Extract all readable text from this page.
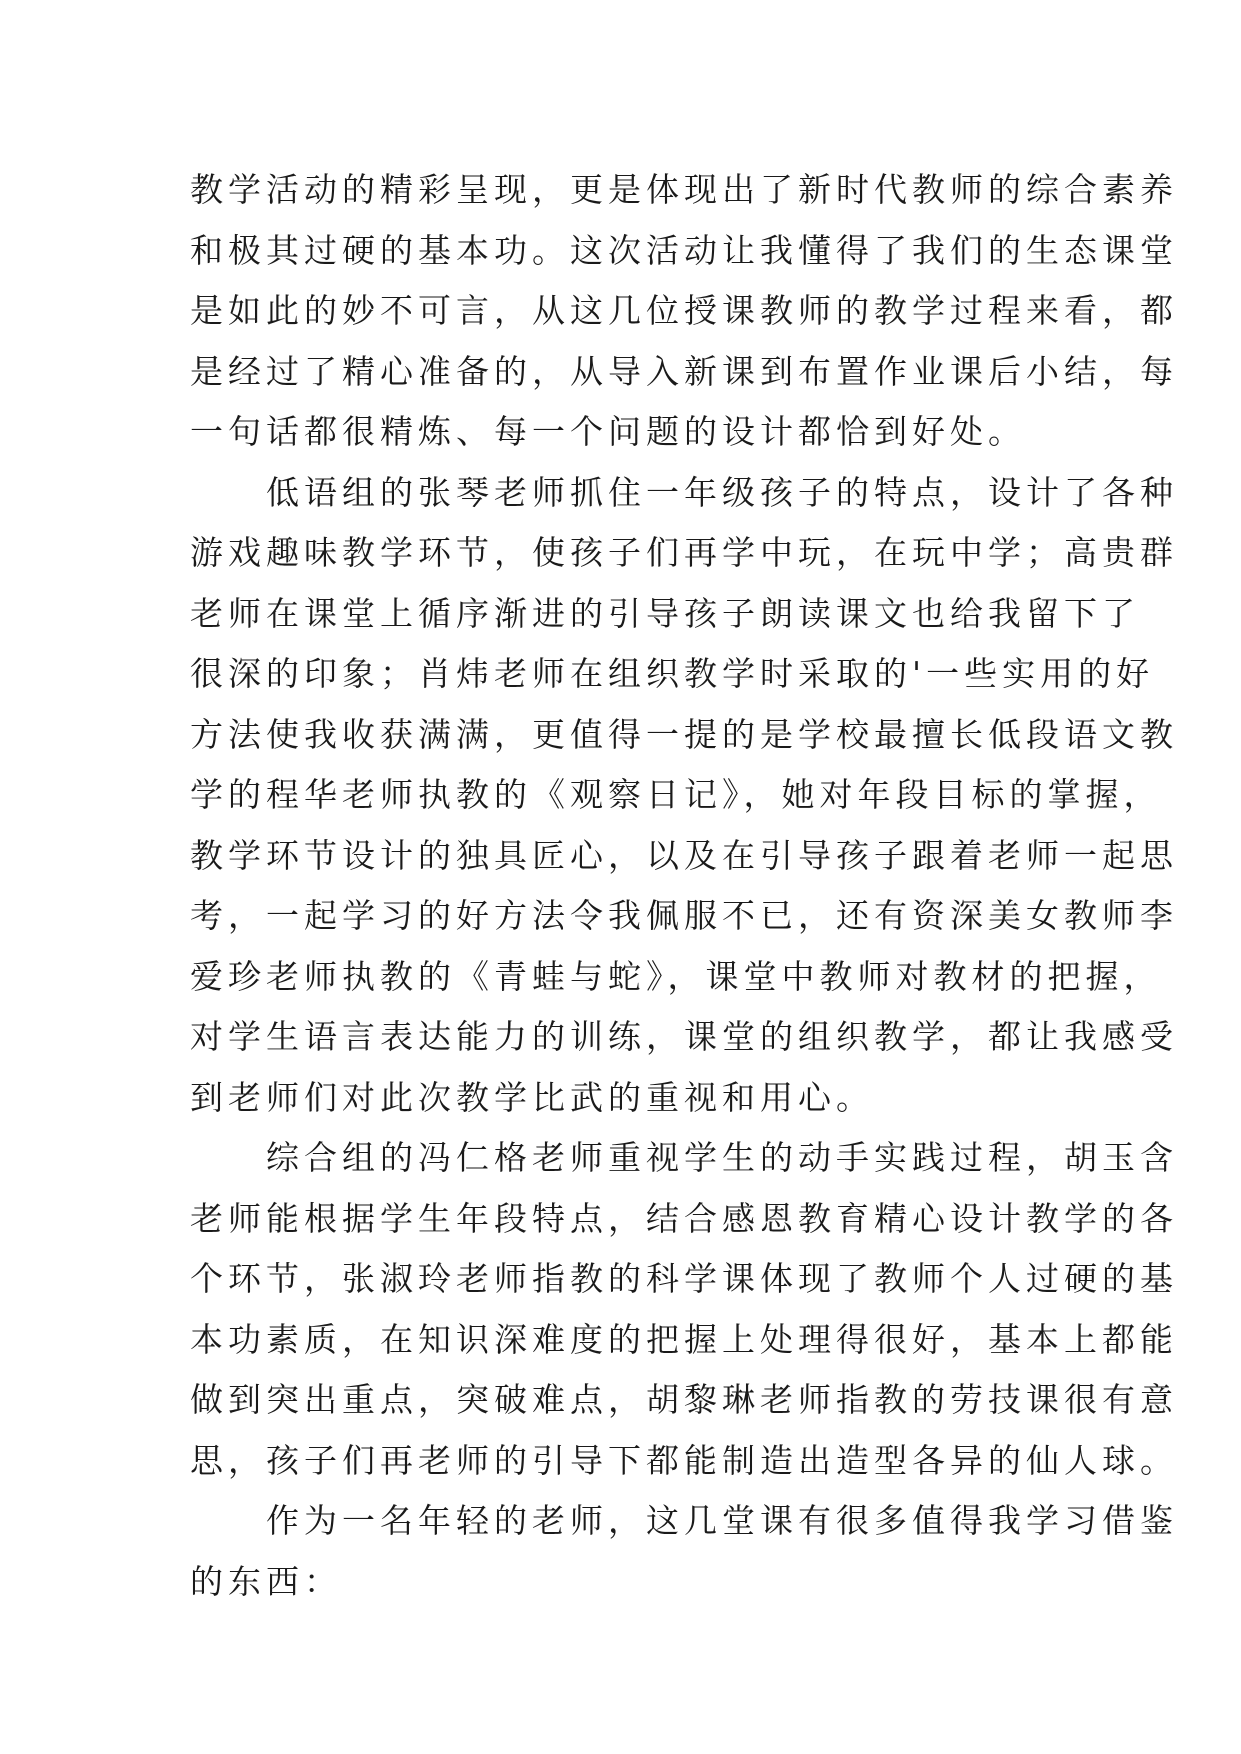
教学活动的精彩呈现，更是体现出了新时代教师的综合素养
和极其过硬的基本功。这次活动让我懂得了我们的生态课堂
是如此的妙不可言，从这几位授课教师的教学过程来看，都
是经过了精心准备的，从导入新课到布置作业课后小结，每
一句话都很精炼、每一个问题的设计都恰到好处。
低语组的张琴老师抓住一年级孩子的特点，设计了各种
游戏趣味教学环节，使孩子们再学中玩，在玩中学；高贵群
老师在课堂上循序渐进的引导孩子朗读课文也给我留下了
很深的印象；肖炜老师在组织教学时采取的'一些实用的好
方法使我收获满满，更值得一提的是学校最擅长低段语文教
学的程华老师执教的《观察日记》，她对年段目标的掌握，
教学环节设计的独具匠心，以及在引导孩子跟着老师一起思
考，一起学习的好方法令我佩服不已，还有资深美女教师李
爱珍老师执教的《青蛙与蛇》，课堂中教师对教材的把握，
对学生语言表达能力的训练，课堂的组织教学，都让我感受
到老师们对此次教学比武的重视和用心。
综合组的冯仁格老师重视学生的动手实践过程，胡玉含
老师能根据学生年段特点，结合感恩教育精心设计教学的各
个环节，张淑玲老师指教的科学课体现了教师个人过硬的基
本功素质，在知识深难度的把握上处理得很好，基本上都能
做到突出重点，突破难点，胡黎琳老师指教的劳技课很有意
思，孩子们再老师的引导下都能制造出造型各异的仙人球。
作为一名年轻的老师，这几堂课有很多值得我学习借鉴
的东西：
